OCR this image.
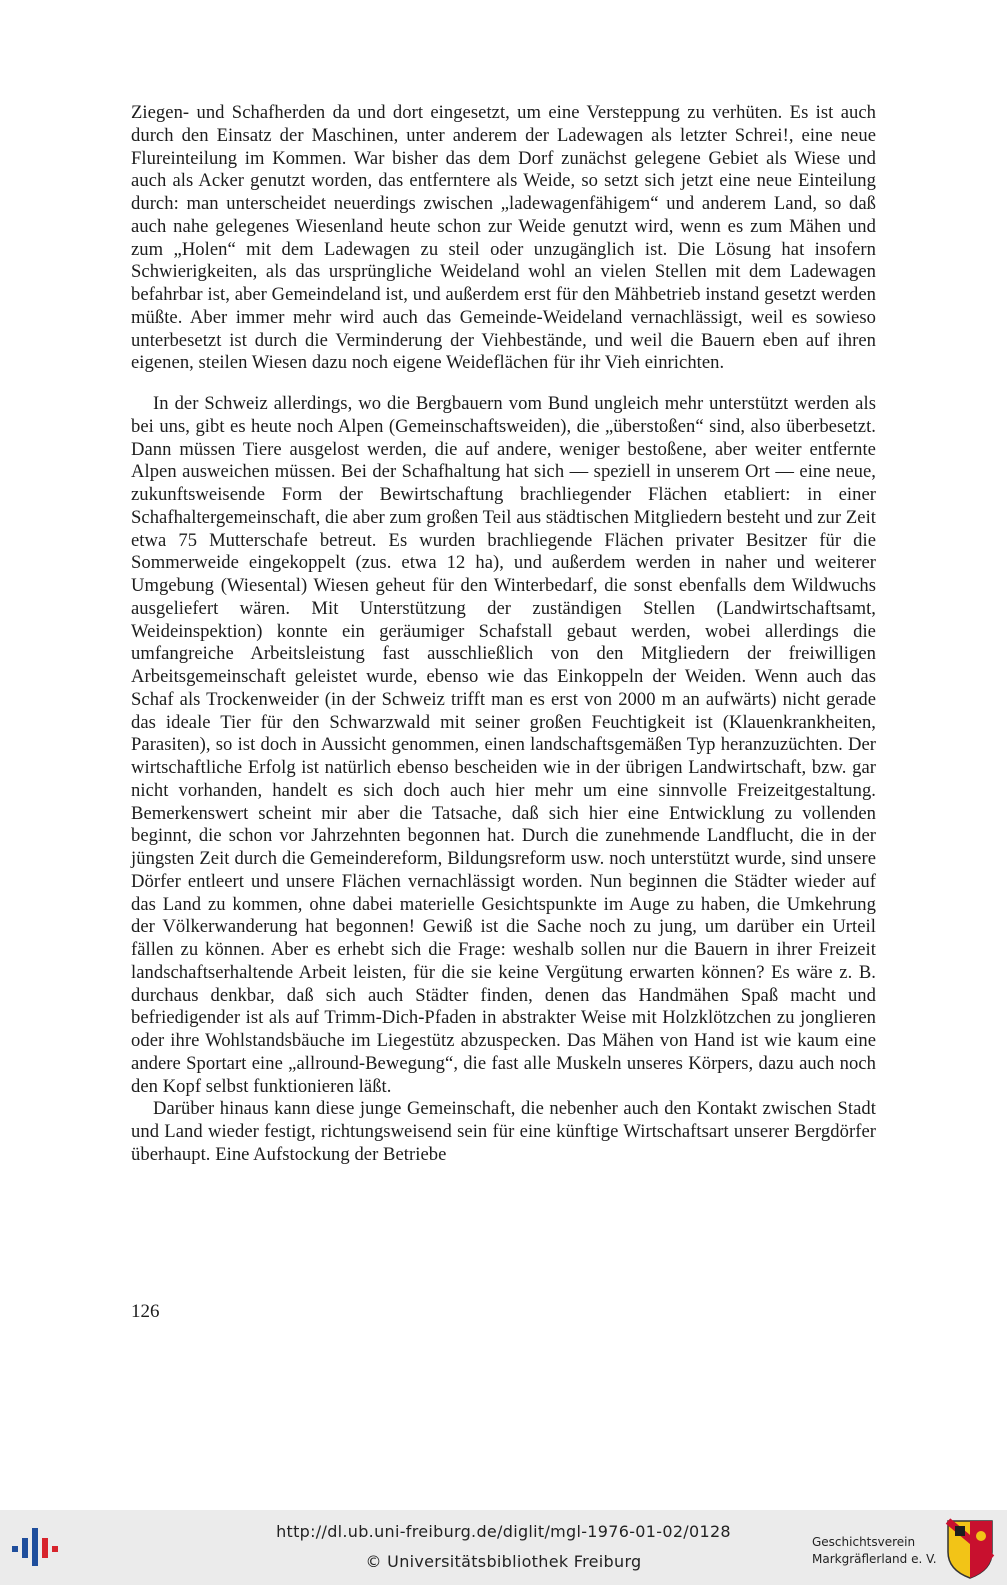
Ziegen- und Schafherden da und dort eingesetzt, um eine Versteppung zu verhüten. Es ist auch durch den Einsatz der Maschinen, unter anderem der Ladewagen als letzter Schrei!, eine neue Flureinteilung im Kommen. War bisher das dem Dorf zunächst gelegene Gebiet als Wiese und auch als Acker genutzt worden, das entferntere als Weide, so setzt sich jetzt eine neue Einteilung durch: man unterscheidet neuerdings zwischen „ladewagenfähigem“ und anderem Land, so daß auch nahe gelegenes Wiesenland heute schon zur Weide genutzt wird, wenn es zum Mähen und zum „Holen“ mit dem Ladewagen zu steil oder unzugänglich ist. Die Lösung hat insofern Schwierigkeiten, als das ursprüngliche Weideland wohl an vielen Stellen mit dem Ladewagen befahrbar ist, aber Gemeindeland ist, und außerdem erst für den Mähbetrieb instand gesetzt werden müßte. Aber immer mehr wird auch das Gemeinde-Weideland vernachlässigt, weil es sowieso unterbesetzt ist durch die Verminderung der Viehbestände, und weil die Bauern eben auf ihren eigenen, steilen Wiesen dazu noch eigene Weideflächen für ihr Vieh einrichten.

In der Schweiz allerdings, wo die Bergbauern vom Bund ungleich mehr unterstützt werden als bei uns, gibt es heute noch Alpen (Gemeinschaftsweiden), die „überstoßen“ sind, also überbesetzt. Dann müssen Tiere ausgelost werden, die auf andere, weniger bestoßene, aber weiter entfernte Alpen ausweichen müssen. Bei der Schafhaltung hat sich — speziell in unserem Ort — eine neue, zukunftsweisende Form der Bewirtschaftung brachliegender Flächen etabliert: in einer Schafhaltergemeinschaft, die aber zum großen Teil aus städtischen Mitgliedern besteht und zur Zeit etwa 75 Mutterschafe betreut. Es wurden brachliegende Flächen privater Besitzer für die Sommerweide eingekoppelt (zus. etwa 12 ha), und außerdem werden in naher und weiterer Umgebung (Wiesental) Wiesen geheut für den Winterbedarf, die sonst ebenfalls dem Wildwuchs ausgeliefert wären. Mit Unterstützung der zuständigen Stellen (Landwirtschaftsamt, Weideinspektion) konnte ein geräumiger Schafstall gebaut werden, wobei allerdings die umfangreiche Arbeitsleistung fast ausschließlich von den Mitgliedern der freiwilligen Arbeitsgemeinschaft geleistet wurde, ebenso wie das Einkoppeln der Weiden. Wenn auch das Schaf als Trockenweider (in der Schweiz trifft man es erst von 2000 m an aufwärts) nicht gerade das ideale Tier für den Schwarzwald mit seiner großen Feuchtigkeit ist (Klauenkrankheiten, Parasiten), so ist doch in Aussicht genommen, einen landschaftsgemäßen Typ heranzuzüchten. Der wirtschaftliche Erfolg ist natürlich ebenso bescheiden wie in der übrigen Landwirtschaft, bzw. gar nicht vorhanden, handelt es sich doch auch hier mehr um eine sinnvolle Freizeitgestaltung. Bemerkenswert scheint mir aber die Tatsache, daß sich hier eine Entwicklung zu vollenden beginnt, die schon vor Jahrzehnten begonnen hat. Durch die zunehmende Landflucht, die in der jüngsten Zeit durch die Gemeindereform, Bildungsreform usw. noch unterstützt wurde, sind unsere Dörfer entleert und unsere Flächen vernachlässigt worden. Nun beginnen die Städter wieder auf das Land zu kommen, ohne dabei materielle Gesichtspunkte im Auge zu haben, die Umkehrung der Völkerwanderung hat begonnen! Gewiß ist die Sache noch zu jung, um darüber ein Urteil fällen zu können. Aber es erhebt sich die Frage: weshalb sollen nur die Bauern in ihrer Freizeit landschaftserhaltende Arbeit leisten, für die sie keine Vergütung erwarten können? Es wäre z. B. durchaus denkbar, daß sich auch Städter finden, denen das Handmähen Spaß macht und befriedigender ist als auf Trimm-Dich-Pfaden in abstrakter Weise mit Holzklötzchen zu jonglieren oder ihre Wohlstandsbäuche im Liegestütz abzuspecken. Das Mähen von Hand ist wie kaum eine andere Sportart eine „allround-Bewegung“, die fast alle Muskeln unseres Körpers, dazu auch noch den Kopf selbst funktionieren läßt.

Darüber hinaus kann diese junge Gemeinschaft, die nebenher auch den Kontakt zwischen Stadt und Land wieder festigt, richtungsweisend sein für eine künftige Wirtschaftsart unserer Bergdörfer überhaupt. Eine Aufstockung der Betriebe

126
http://dl.ub.uni-freiburg.de/diglit/mgl-1976-01-02/0128
© Universitätsbibliothek Freiburg
Geschichtsverein
Markgräflerland e. V.
